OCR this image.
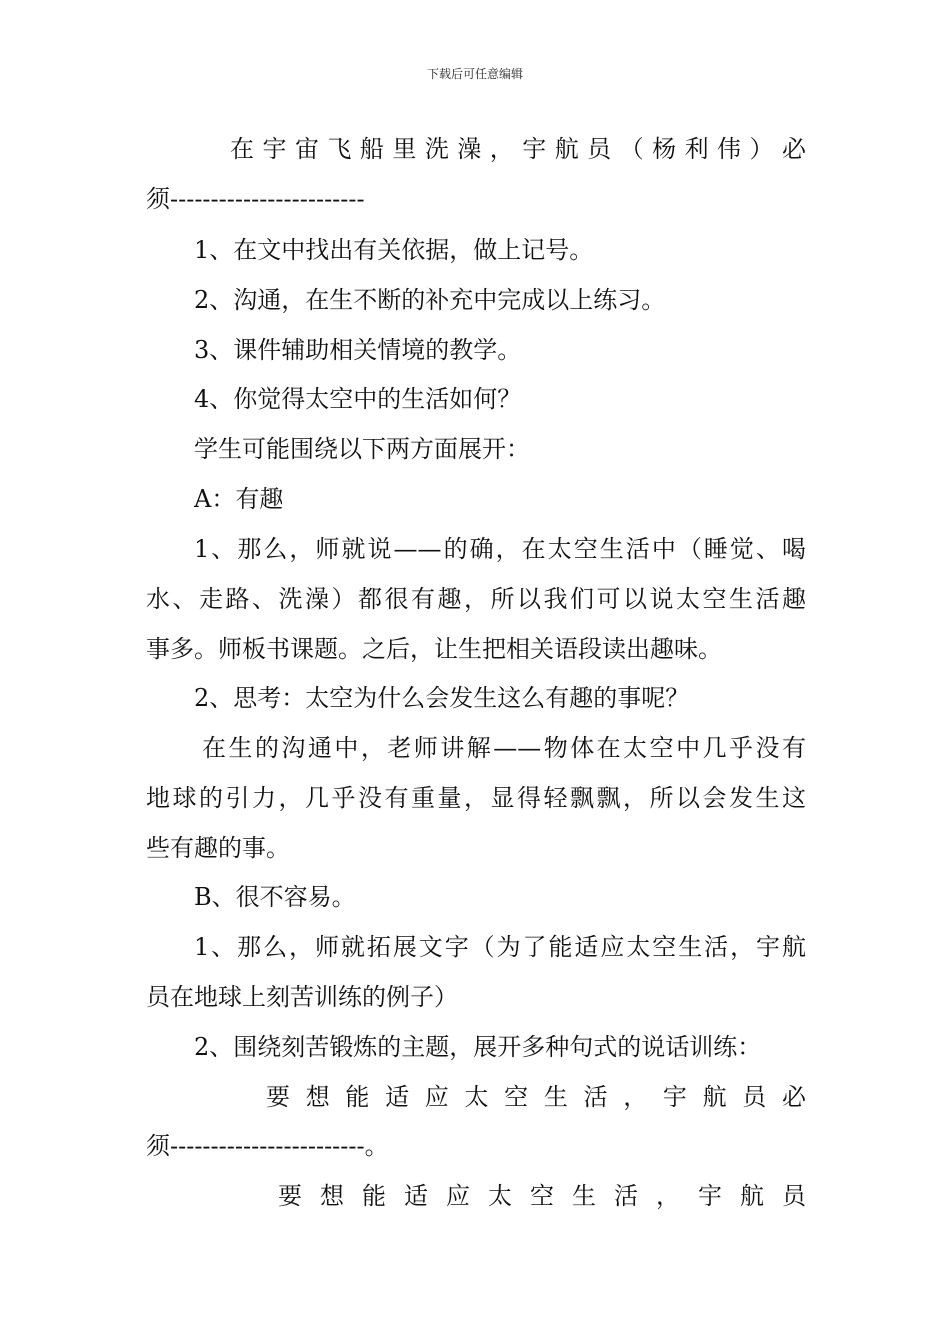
下载后可任意编辑
在宇宙飞船里洗澡，宇航员（杨利伟）必
须------------------------
1、在文中找出有关依据，做上记号。
2、沟通，在生不断的补充中完成以上练习。
3、课件辅助相关情境的教学。
4、你觉得太空中的生活如何？
学生可能围绕以下两方面展开：
A：有趣
1、那么，师就说——的确，在太空生活中（睡觉、喝
水、走路、洗澡）都很有趣，所以我们可以说太空生活趣
事多。师板书课题。之后，让生把相关语段读出趣味。
2、思考：太空为什么会发生这么有趣的事呢？
在生的沟通中，老师讲解——物体在太空中几乎没有
地球的引力，几乎没有重量，显得轻飘飘，所以会发生这
些有趣的事。
B、很不容易。
1、那么，师就拓展文字（为了能适应太空生活，宇航
员在地球上刻苦训练的例子）
2、围绕刻苦锻炼的主题，展开多种句式的说话训练：
要想能适应太空生活，宇航员必
须------------------------。
要想能适应太空生活，宇航员
